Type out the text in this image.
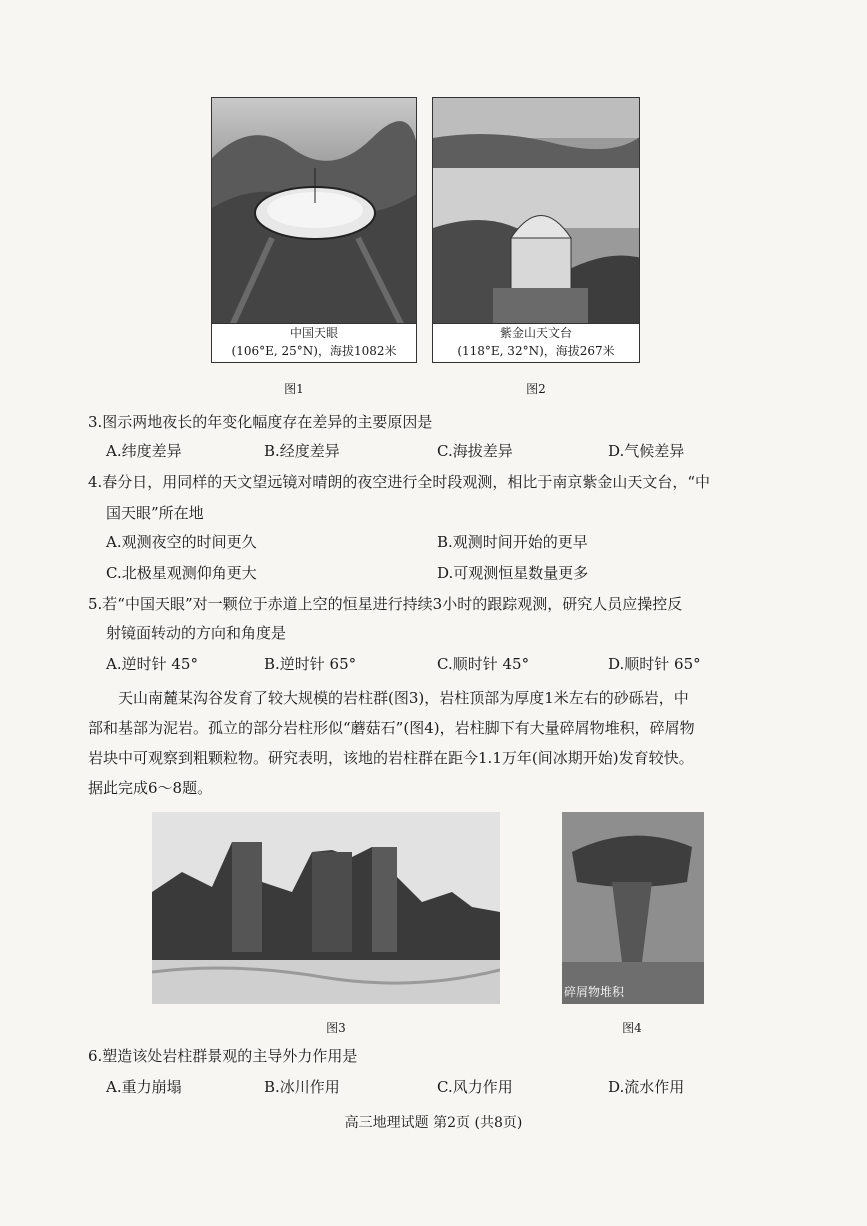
中国天眼
(106°E, 25°N)，海拔1082米
图1
紫金山天文台
(118°E, 32°N)，海拔267米
图2
3.图示两地夜长的年变化幅度存在差异的主要原因是
A.纬度差异	B.经度差异	C.海拔差异	D.气候差异
4.春分日，用同样的天文望远镜对晴朗的夜空进行全时段观测，相比于南京紫金山天文台，“中
国天眼”所在地
A.观测夜空的时间更久	B.观测时间开始的更早
C.北极星观测仰角更大	D.可观测恒星数量更多
5.若“中国天眼”对一颗位于赤道上空的恒星进行持续3小时的跟踪观测，研究人员应操控反
射镜面转动的方向和角度是
A.逆时针 45°	B.逆时针 65°	C.顺时针 45°	D.顺时针 65°

天山南麓某沟谷发育了较大规模的岩柱群(图3)，岩柱顶部为厚度1米左右的砂砾岩，中

部和基部为泥岩。孤立的部分岩柱形似“蘑菇石”(图4)，岩柱脚下有大量碎屑物堆积，碎屑物

岩块中可观察到粗颗粒物。研究表明，该地的岩柱群在距今1.1万年(间冰期开始)发育较快。

据此完成6～8题。

图3
碎屑物堆积
图4
6.塑造该处岩柱群景观的主导外力作用是
A.重力崩塌	B.冰川作用	C.风力作用	D.流水作用
高三地理试题 第2页 (共8页)
